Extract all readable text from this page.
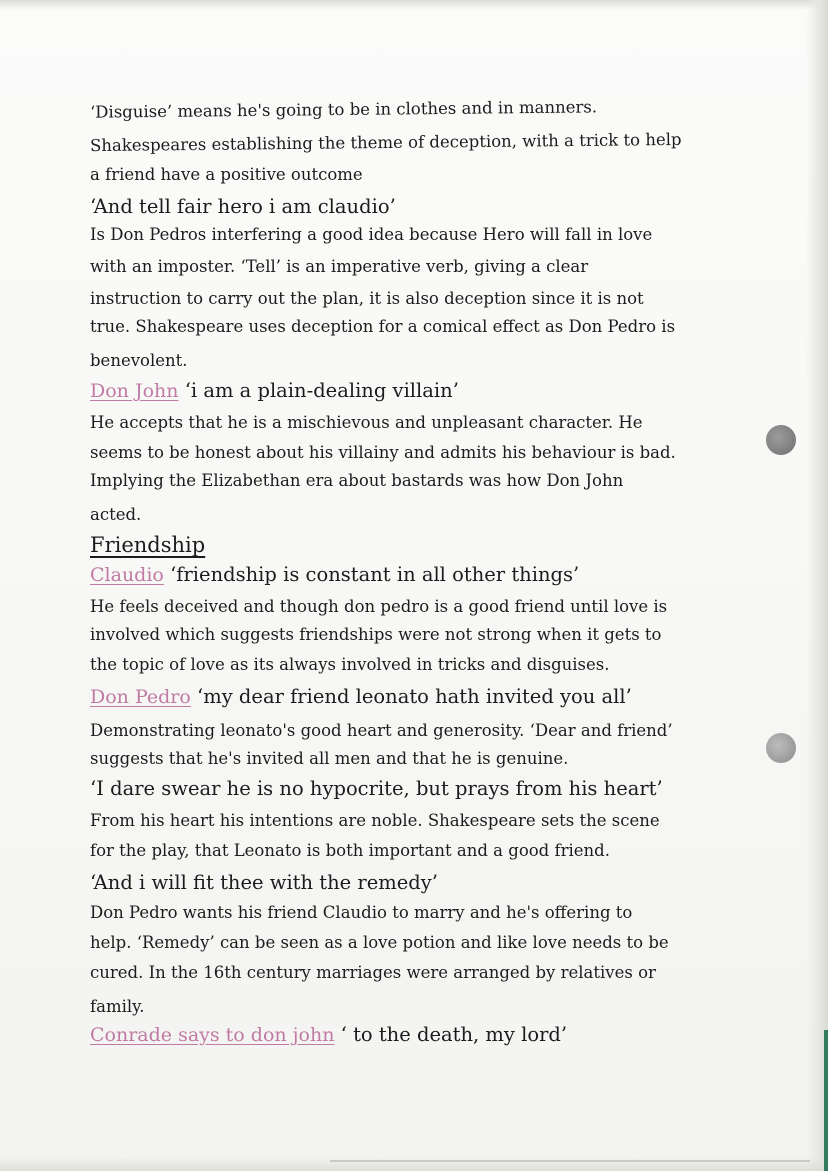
‘Disguise’ means he's going to be in clothes and in manners.
Shakespeares establishing the theme of deception, with a trick to help
a friend have a positive outcome
‘And tell fair hero i am claudio’
Is Don Pedros interfering a good idea because Hero will fall in love
with an imposter. ‘Tell’ is an imperative verb, giving a clear
instruction to carry out the plan, it is also deception since it is not
true. Shakespeare uses deception for a comical effect as Don Pedro is
benevolent.
Don John ‘i am a plain-dealing villain’
He accepts that he is a mischievous and unpleasant character. He
seems to be honest about his villainy and admits his behaviour is bad.
Implying the Elizabethan era about bastards was how Don John
acted.
Friendship
Claudio ‘friendship is constant in all other things’
He feels deceived and though don pedro is a good friend until love is
involved which suggests friendships were not strong when it gets to
the topic of love as its always involved in tricks and disguises.
Don Pedro ‘my dear friend leonato hath invited you all’
Demonstrating leonato's good heart and generosity. ‘Dear and friend’
suggests that he's invited all men and that he is genuine.
‘I dare swear he is no hypocrite, but prays from his heart’
From his heart his intentions are noble. Shakespeare sets the scene
for the play, that Leonato is both important and a good friend.
‘And i will fit thee with the remedy’
Don Pedro wants his friend Claudio to marry and he's offering to
help. ‘Remedy’ can be seen as a love potion and like love needs to be
cured. In the 16th century marriages were arranged by relatives or
family.
Conrade says to don john ‘ to the death, my lord’
